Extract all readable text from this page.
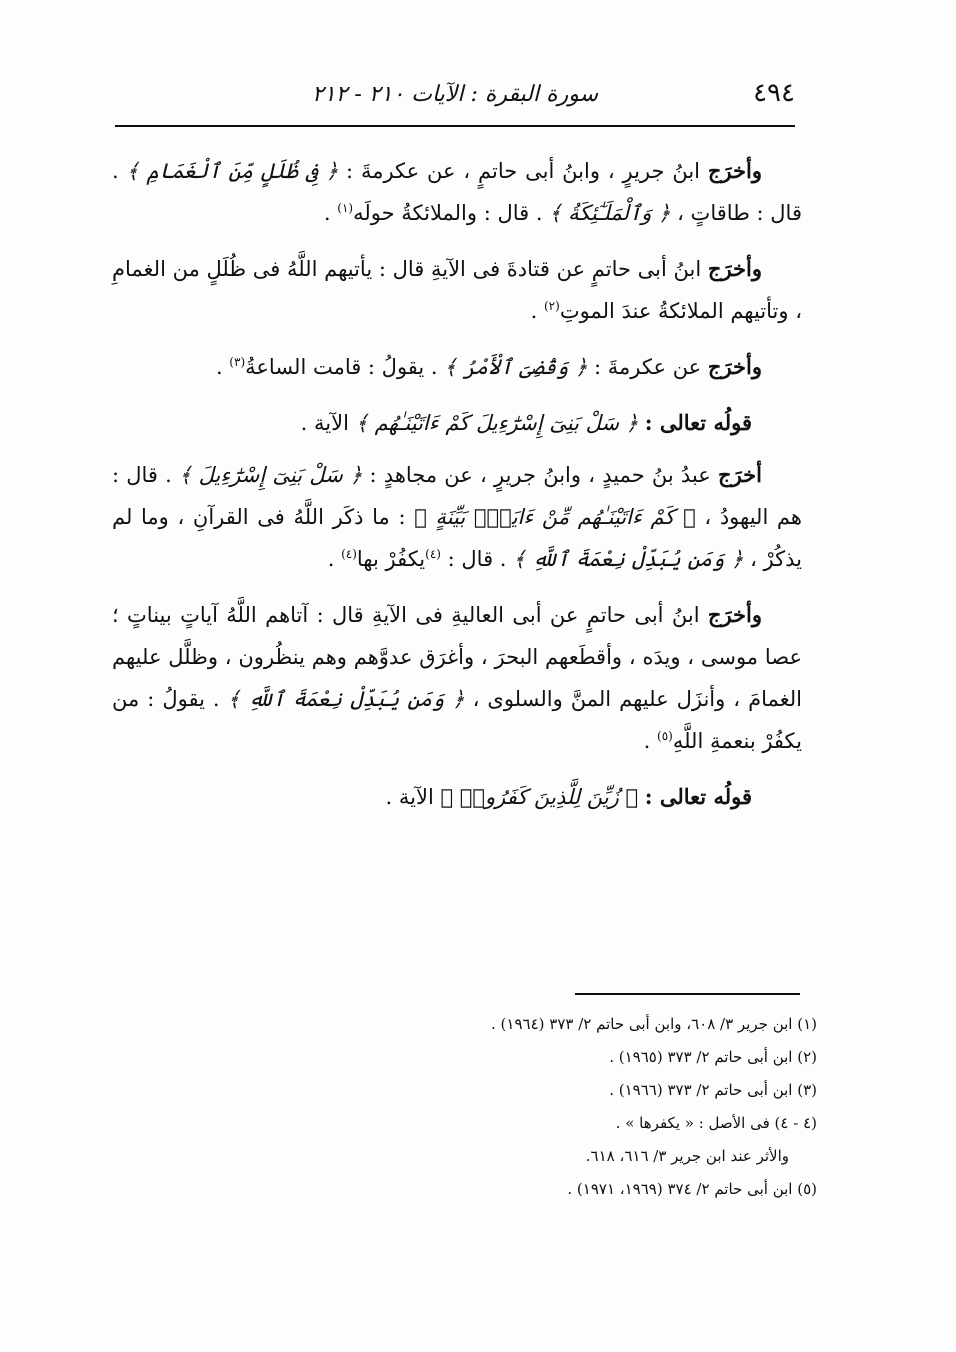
٤٩٤
سورة البقرة : الآيات ٢١٠ - ٢١٢

وأخرَج ابنُ جريرٍ ، وابنُ أبى حاتمٍ ، عن عكرمةَ : ﴿ فِى ظُلَلٍ مِّنَ ٱلْغَمَامِ ﴾ . قال : طاقاتٍ ، ﴿ وَٱلْمَلَـٰٓئِكَةُ ﴾ . قال : والملائكةُ حولَه$^{(١)}$ .

وأخرَج ابنُ أبى حاتمٍ عن قتادةَ فى الآيةِ قال : يأتيهم اللَّهُ فى ظُلَلٍ من الغمامِ ، وتأتيهم الملائكةُ عندَ الموتِ$^{(٢)}$ .

وأخرَج عن عكرمةَ : ﴿ وَقُضِىَ ٱلْأَمْرُ ﴾ . يقولُ : قامت الساعةُ$^{(٣)}$ .

قولُه تعالى : ﴿ سَلْ بَنِىٓ إِسْرَٰٓءِيلَ كَمْ ءَاتَيْنَـٰهُم ﴾ الآية .

أخرَج عبدُ بنُ حميدٍ ، وابنُ جريرٍ ، عن مجاهدٍ : ﴿ سَلْ بَنِىٓ إِسْرَٰٓءِيلَ ﴾ . قال : هم اليهودُ ، ﴿ كَمْ ءَاتَيْنَـٰهُم مِّنْ ءَايَةٍۭ بَيِّنَةٍ ﴾ : ما ذكَر اللَّهُ فى القرآنِ ، وما لم يذكُرْ ، ﴿ وَمَن يُبَدِّلْ نِعْمَةَ ٱللَّهِ ﴾ . قال : $^{(٤)}$يكفُرْ بها$^{(٤)}$ .

وأخرَج ابنُ أبى حاتمٍ عن أبى العاليةِ فى الآيةِ قال : آتاهم اللَّهُ آياتٍ بيناتٍ ؛ عصا موسى ، ويدَه ، وأقطَعهم البحرَ ، وأغرَق عدوَّهم وهم ينظُرون ، وظلَّل عليهم الغمامَ ، وأنزَل عليهم المنَّ والسلوى ، ﴿ وَمَن يُبَدِّلْ نِعْمَةَ ٱللَّهِ ﴾ . يقولُ : من يكفُرْ بنعمةِ اللَّهِ$^{(٥)}$ .

قولُه تعالى : ﴿ زُيِّنَ لِلَّذِينَ كَفَرُوا۟ ﴾ الآية .

(١) ابن جرير ٣/ ٦٠٨، وابن أبى حاتم ٢/ ٣٧٣ (١٩٦٤) .

(٢) ابن أبى حاتم ٢/ ٣٧٣ (١٩٦٥) .

(٣) ابن أبى حاتم ٢/ ٣٧٣ (١٩٦٦) .

(٤ - ٤) فى الأصل : « يكفرها » .

والأثر عند ابن جرير ٣/ ٦١٦، ٦١٨.

(٥) ابن أبى حاتم ٢/ ٣٧٤ (١٩٦٩، ١٩٧١) .
